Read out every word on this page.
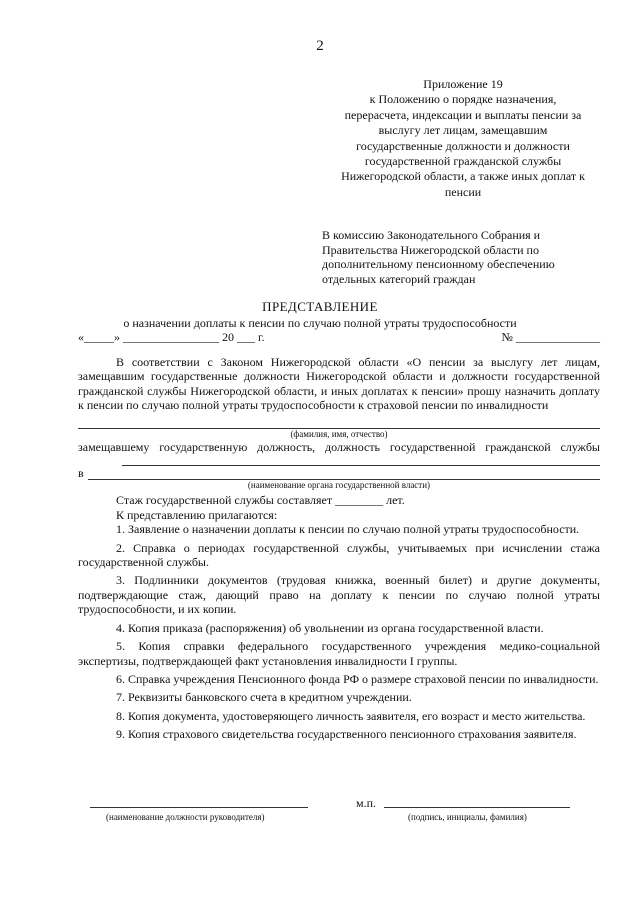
2
Приложение 19
к Положению о порядке назначения,
перерасчета, индексации и выплаты пенсии за
выслугу лет лицам, замещавшим
государственные должности и должности
государственной гражданской службы
Нижегородской области, а также иных доплат к
пенсии
В комиссию Законодательного Собрания и
Правительства Нижегородской области по
дополнительному пенсионному обеспечению
отдельных категорий граждан
ПРЕДСТАВЛЕНИЕ
о назначении доплаты к пенсии по случаю полной утраты трудоспособности
«_____» ________________ 20 ___ г.	№ ______________
В соответствии с Законом Нижегородской области «О пенсии за выслугу лет лицам, замещавшим государственные должности Нижегородской области и должности государственной гражданской службы Нижегородской области, и иных доплатах к пенсии» прошу назначить доплату к пенсии по случаю полной утраты трудоспособности к страховой пенсии по инвалидности
(фамилия, имя, отчество)
замещавшему государственную должность, должность государственной гражданской службы
в
(наименование органа государственной власти)
Стаж государственной службы составляет ________ лет.
К представлению прилагаются:
1. Заявление о назначении доплаты к пенсии по случаю полной утраты трудоспособности.
2. Справка о периодах государственной службы, учитываемых при исчислении стажа государственной службы.
3. Подлинники документов (трудовая книжка, военный билет) и другие документы, подтверждающие стаж, дающий право на доплату к пенсии по случаю полной утраты трудоспособности, и их копии.
4. Копия приказа (распоряжения) об увольнении из органа государственной власти.
5. Копия справки федерального государственного учреждения медико-социальной экспертизы, подтверждающей факт установления инвалидности I группы.
6. Справка учреждения Пенсионного фонда РФ о размере страховой пенсии по инвалидности.
7. Реквизиты банковского счета в кредитном учреждении.
8. Копия документа, удостоверяющего личность заявителя, его возраст и место жительства.
9. Копия страхового свидетельства государственного пенсионного страхования заявителя.
м.п.
(наименование должности руководителя)	(подпись, инициалы, фамилия)
